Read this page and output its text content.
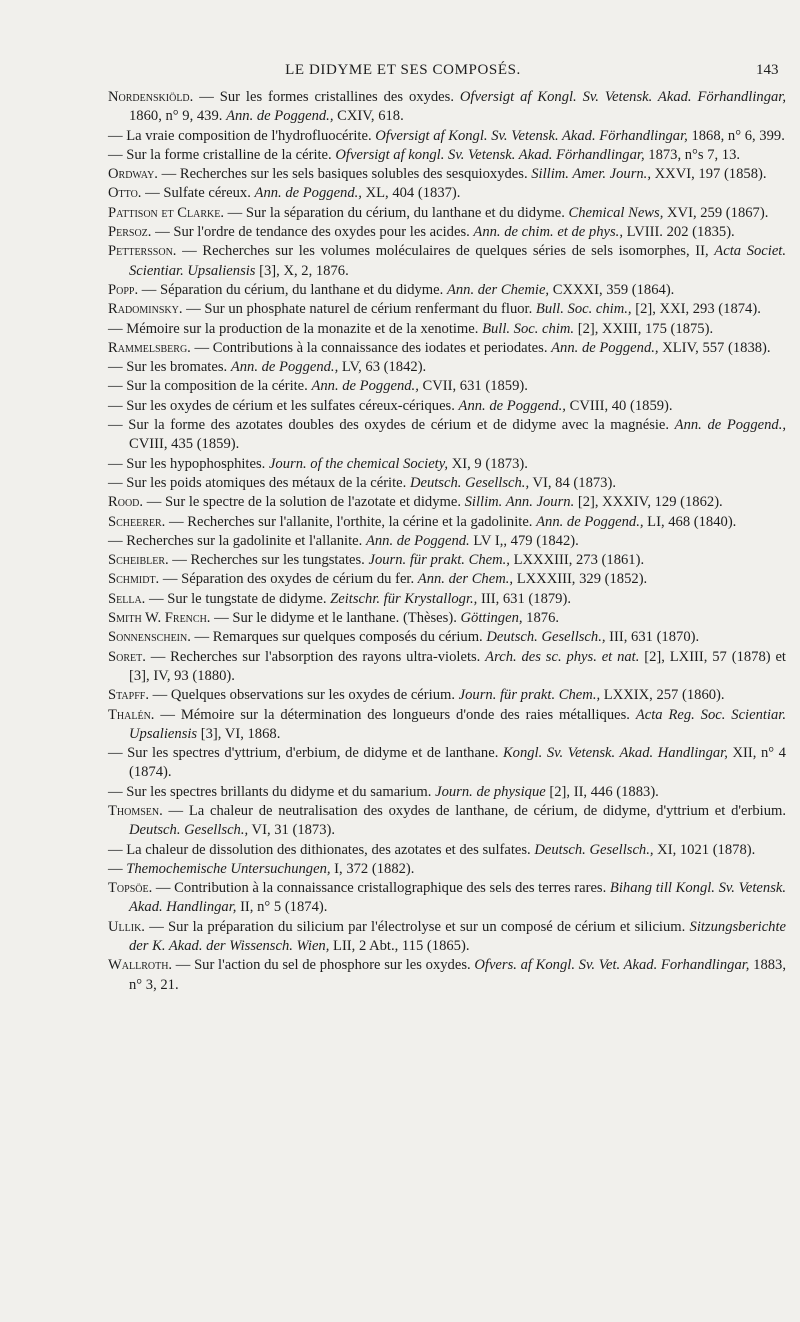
LE DIDYME ET SES COMPOSÉS.	143
Nordenskiöld. — Sur les formes cristallines des oxydes. Ofversigt af Kongl. Sv. Vetensk. Akad. Förhandlingar, 1860, n° 9, 439. Ann. de Poggend., CXIV, 618.
— La vraie composition de l'hydrofluocérite. Ofversigt af Kongl. Sv. Vetensk. Akad. Förhandlingar, 1868, n° 6, 399.
— Sur la forme cristalline de la cérite. Ofversigt af kongl. Sv. Vetensk. Akad. Förhandlingar, 1873, n°s 7, 13.
Ordway. — Recherches sur les sels basiques solubles des sesquioxydes. Sillim. Amer. Journ., XXVI, 197 (1858).
Otto. — Sulfate céreux. Ann. de Poggend., XL, 404 (1837).
Pattison et Clarke. — Sur la séparation du cérium, du lanthane et du didyme. Chemical News, XVI, 259 (1867).
Persoz. — Sur l'ordre de tendance des oxydes pour les acides. Ann. de chim. et de phys., LVIII. 202 (1835).
Pettersson. — Recherches sur les volumes moléculaires de quelques séries de sels isomorphes, II, Acta Societ. Scientiar. Upsaliensis [3], X, 2, 1876.
Popp. — Séparation du cérium, du lanthane et du didyme. Ann. der Chemie, CXXXI, 359 (1864).
Radominsky. — Sur un phosphate naturel de cérium renfermant du fluor. Bull. Soc. chim., [2], XXI, 293 (1874).
— Mémoire sur la production de la monazite et de la xenotime. Bull. Soc. chim. [2], XXIII, 175 (1875).
Rammelsberg. — Contributions à la connaissance des iodates et periodates. Ann. de Poggend., XLIV, 557 (1838).
— Sur les bromates. Ann. de Poggend., LV, 63 (1842).
— Sur la composition de la cérite. Ann. de Poggend., CVII, 631 (1859).
— Sur les oxydes de cérium et les sulfates céreux-cériques. Ann. de Poggend., CVIII, 40 (1859).
— Sur la forme des azotates doubles des oxydes de cérium et de didyme avec la magnésie. Ann. de Poggend., CVIII, 435 (1859).
— Sur les hypophosphites. Journ. of the chemical Society, XI, 9 (1873).
— Sur les poids atomiques des métaux de la cérite. Deutsch. Gesellsch., VI, 84 (1873).
Rood. — Sur le spectre de la solution de l'azotate et didyme. Sillim. Ann. Journ. [2], XXXIV, 129 (1862).
Scheerer. — Recherches sur l'allanite, l'orthite, la cérine et la gadolinite. Ann. de Poggend., LI, 468 (1840).
— Recherches sur la gadolinite et l'allanite. Ann. de Poggend. LV I,, 479 (1842).
Scheibler. — Recherches sur les tungstates. Journ. für prakt. Chem., LXXXIII, 273 (1861).
Schmidt. — Séparation des oxydes de cérium du fer. Ann. der Chem., LXXXIII, 329 (1852).
Sella. — Sur le tungstate de didyme. Zeitschr. für Krystallogr., III, 631 (1879).
Smith W. French. — Sur le didyme et le lanthane. (Thèses). Göttingen, 1876.
Sonnenschein. — Remarques sur quelques composés du cérium. Deutsch. Gesellsch., III, 631 (1870).
Soret. — Recherches sur l'absorption des rayons ultra-violets. Arch. des sc. phys. et nat. [2], LXIII, 57 (1878) et [3], IV, 93 (1880).
Stapff. — Quelques observations sur les oxydes de cérium. Journ. für prakt. Chem., LXXIX, 257 (1860).
Thalén. — Mémoire sur la détermination des longueurs d'onde des raies métalliques. Acta Reg. Soc. Scientiar. Upsaliensis [3], VI, 1868.
— Sur les spectres d'yttrium, d'erbium, de didyme et de lanthane. Kongl. Sv. Vetensk. Akad. Handlingar, XII, n° 4 (1874).
— Sur les spectres brillants du didyme et du samarium. Journ. de physique [2], II, 446 (1883).
Thomsen. — La chaleur de neutralisation des oxydes de lanthane, de cérium, de didyme, d'yttrium et d'erbium. Deutsch. Gesellsch., VI, 31 (1873).
— La chaleur de dissolution des dithionates, des azotates et des sulfates. Deutsch. Gesellsch., XI, 1021 (1878).
— Themochemische Untersuchungen, I, 372 (1882).
Topsöe. — Contribution à la connaissance cristallographique des sels des terres rares. Bihang till Kongl. Sv. Vetensk. Akad. Handlingar, II, n° 5 (1874).
Ullik. — Sur la préparation du silicium par l'électrolyse et sur un composé de cérium et silicium. Sitzungsberichte der K. Akad. der Wissensch. Wien, LII, 2 Abt., 115 (1865).
Wallroth. — Sur l'action du sel de phosphore sur les oxydes. Ofvers. af Kongl. Sv. Vet. Akad. Forhandlingar, 1883, n° 3, 21.
